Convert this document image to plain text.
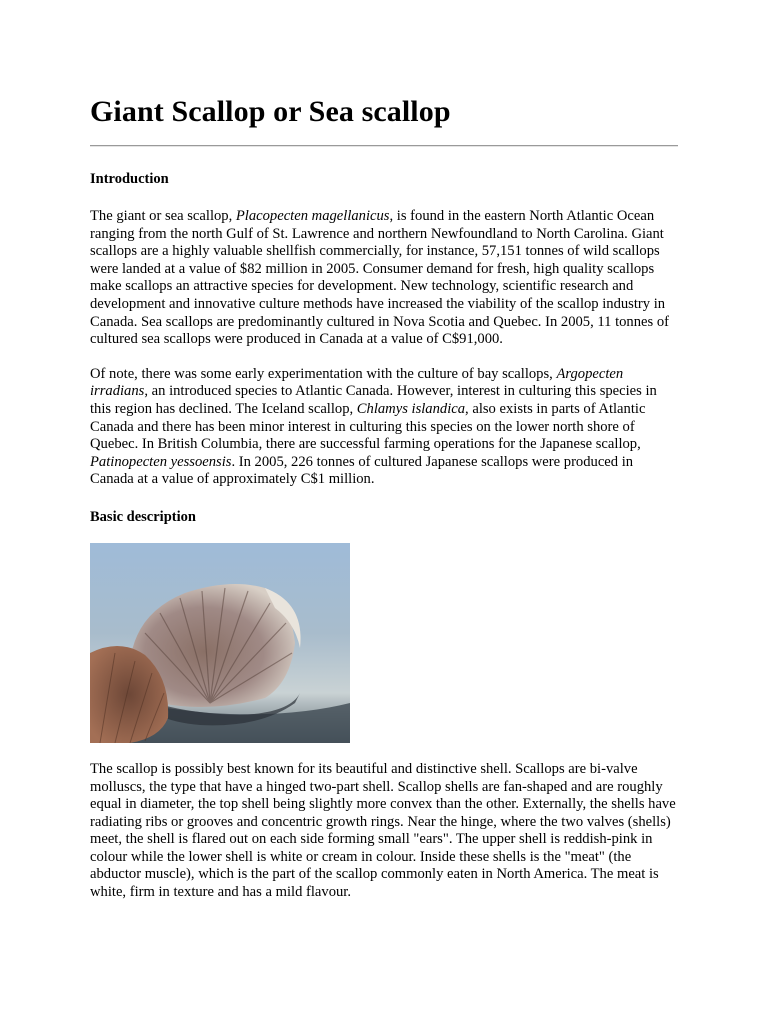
Giant Scallop or Sea scallop
Introduction

The giant or sea scallop, Placopecten magellanicus, is found in the eastern North Atlantic Ocean ranging from the north Gulf of St. Lawrence and northern Newfoundland to North Carolina. Giant scallops are a highly valuable shellfish commercially, for instance, 57,151 tonnes of wild scallops were landed at a value of $82 million in 2005. Consumer demand for fresh, high quality scallops make scallops an attractive species for development. New technology, scientific research and development and innovative culture methods have increased the viability of the scallop industry in Canada. Sea scallops are predominantly cultured in Nova Scotia and Quebec. In 2005, 11 tonnes of cultured sea scallops were produced in Canada at a value of C$91,000.

Of note, there was some early experimentation with the culture of bay scallops, Argopecten irradians, an introduced species to Atlantic Canada. However, interest in culturing this species in this region has declined. The Iceland scallop, Chlamys islandica, also exists in parts of Atlantic Canada and there has been minor interest in culturing this species on the lower north shore of Quebec. In British Columbia, there are successful farming operations for the Japanese scallop, Patinopecten yessoensis. In 2005, 226 tonnes of cultured Japanese scallops were produced in Canada at a value of approximately C$1 million.

Basic description

The scallop is possibly best known for its beautiful and distinctive shell. Scallops are bi-valve molluscs, the type that have a hinged two-part shell. Scallop shells are fan-shaped and are roughly equal in diameter, the top shell being slightly more convex than the other. Externally, the shells have radiating ribs or grooves and concentric growth rings. Near the hinge, where the two valves (shells) meet, the shell is flared out on each side forming small "ears". The upper shell is reddish-pink in colour while the lower shell is white or cream in colour. Inside these shells is the "meat" (the abductor muscle), which is the part of the scallop commonly eaten in North America. The meat is white, firm in texture and has a mild flavour.
